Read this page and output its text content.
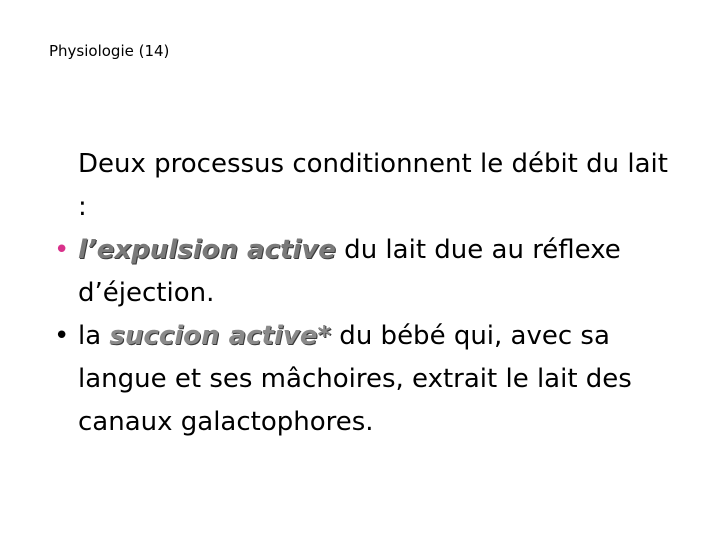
Physiologie (14)

Deux processus conditionnent le débit du lait :

• l’expulsion active du lait due au réflexe d’éjection.

• la succion active* du bébé qui, avec sa langue et ses mâchoires, extrait le lait des canaux galactophores.
